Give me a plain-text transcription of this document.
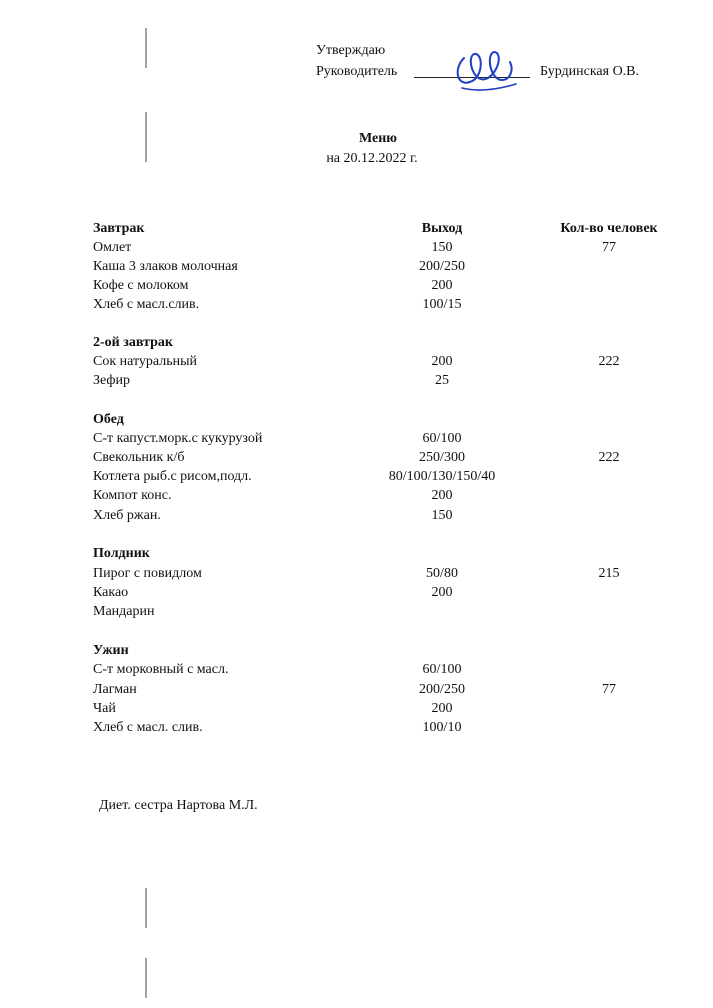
Утверждаю
Руководитель	Бурдинская О.В.
Меню
на 20.12.2022 г.
Завтрак	Выход	Кол-во человек
Омлет	150	77
Каша 3 злаков молочная	200/250
Кофе с молоком	200
Хлеб с масл.слив.	100/15
2-ой завтрак
Сок натуральный	200	222
Зефир	25
Обед
С-т капуст.морк.с кукурузой	60/100
Свекольник к/б	250/300	222
Котлета рыб.с рисом,подл.	80/100/130/150/40
Компот конс.	200
Хлеб ржан.	150
Полдник
Пирог с повидлом	50/80	215
Какао	200
Мандарин
Ужин
С-т морковный с масл.	60/100
Лагман	200/250	77
Чай	200
Хлеб с масл. слив.	100/10
Диет. сестра Нартова М.Л.
